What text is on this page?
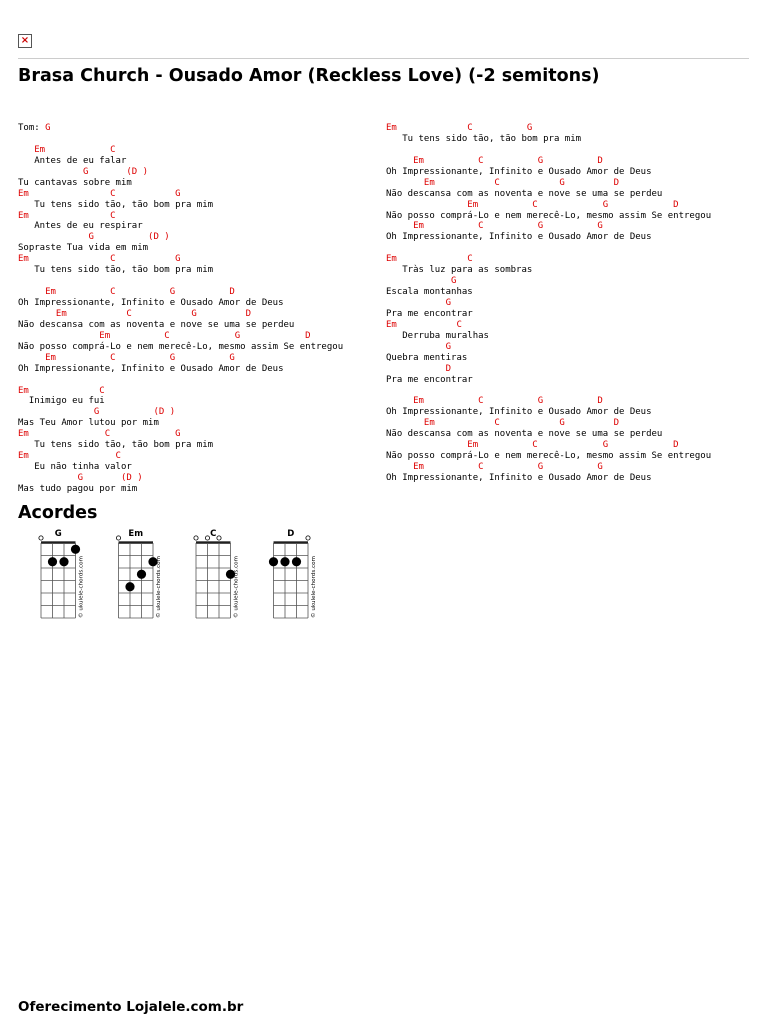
×
Brasa Church - Ousado Amor (Reckless Love) (-2 semitons)
Tom: G
Em            C
Antes de eu falar
G       (D )
Tu cantavas sobre mim
Em               C           G
Tu tens sido tão, tão bom pra mim
Em               C
Antes de eu respirar
G          (D )
Sopraste Tua vida em mim
Em               C           G
Tu tens sido tão, tão bom pra mim
Em          C          G          D
Oh Impressionante, Infinito e Ousado Amor de Deus
Em           C           G         D
Não descansa com as noventa e nove se uma se perdeu
Em          C            G            D
Não posso comprá-Lo e nem merecê-Lo, mesmo assim Se entregou
Em          C          G          G
Oh Impressionante, Infinito e Ousado Amor de Deus
Em             C
Inimigo eu fui
G          (D )
Mas Teu Amor lutou por mim
Em              C            G
Tu tens sido tão, tão bom pra mim
Em                C
Eu não tinha valor
G       (D )
Mas tudo pagou por mim
Em             C          G
Tu tens sido tão, tão bom pra mim
Em          C          G          D
Oh Impressionante, Infinito e Ousado Amor de Deus
Em           C           G         D
Não descansa com as noventa e nove se uma se perdeu
Em          C            G            D
Não posso comprá-Lo e nem merecê-Lo, mesmo assim Se entregou
Em          C          G          G
Oh Impressionante, Infinito e Ousado Amor de Deus
Em             C
Tràs luz para as sombras
G
Escala montanhas
G
Pra me encontrar
Em           C
Derruba muralhas
G
Quebra mentiras
D
Pra me encontrar
Em          C          G          D
Oh Impressionante, Infinito e Ousado Amor de Deus
Em           C           G         D
Não descansa com as noventa e nove se uma se perdeu
Em          C            G            D
Não posso comprá-Lo e nem merecê-Lo, mesmo assim Se entregou
Em          C          G          G
Oh Impressionante, Infinito e Ousado Amor de Deus
Acordes
G
© ukulele-chords.com
Em
© ukulele-chords.com
C
© ukulele-chords.com
D
© ukulele-chords.com
Oferecimento Lojalele.com.br
